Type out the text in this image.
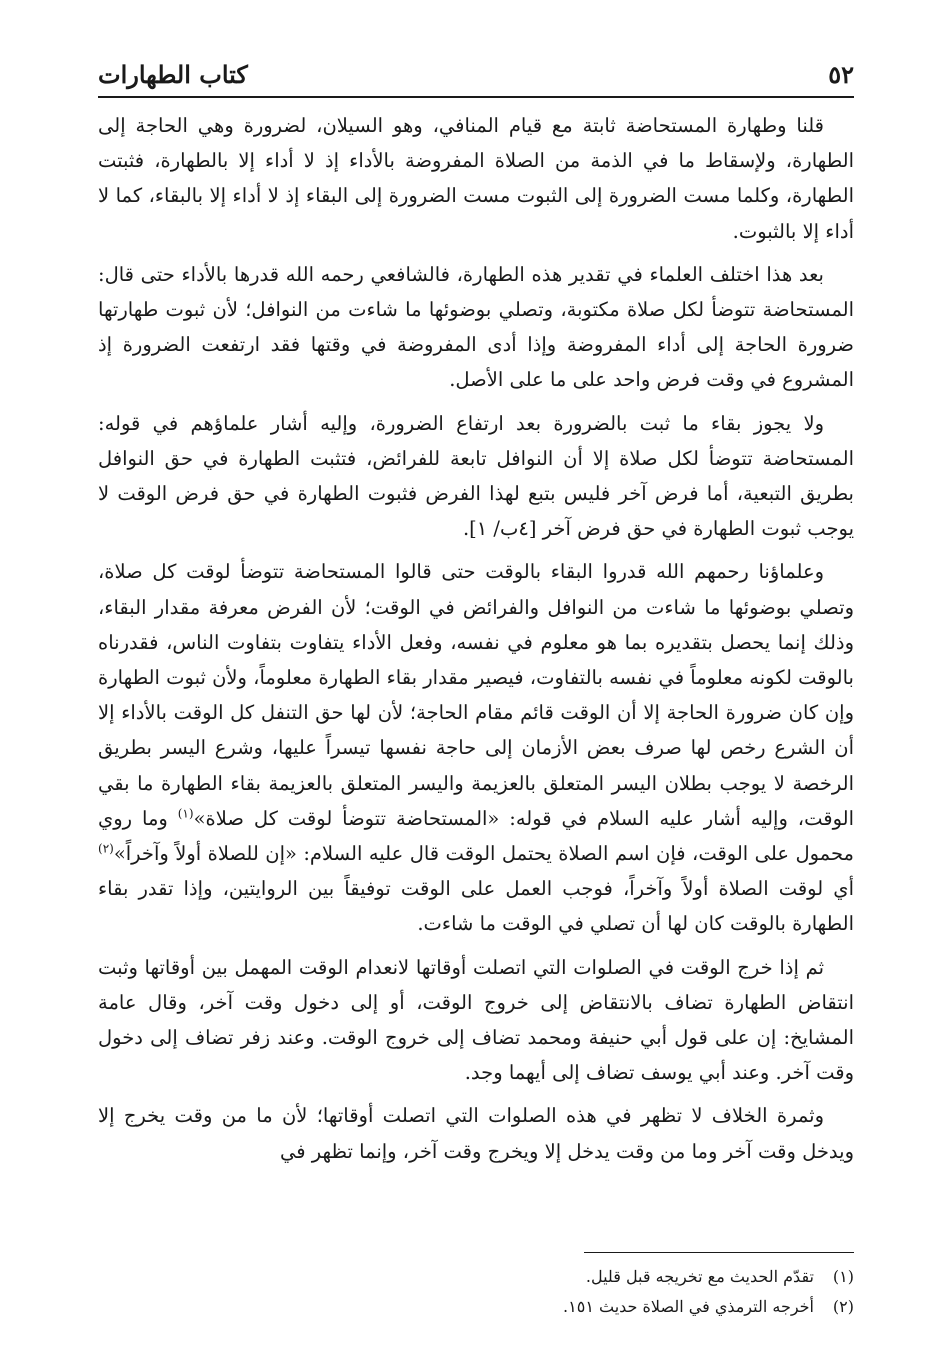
٥٢
كتاب الطهارات

قلنا وطهارة المستحاضة ثابتة مع قيام المنافي، وهو السيلان، لضرورة وهي الحاجة إلى الطهارة، ولإسقاط ما في الذمة من الصلاة المفروضة بالأداء إذ لا أداء إلا بالطهارة، فثبتت الطهارة، وكلما مست الضرورة إلى الثبوت مست الضرورة إلى البقاء إذ لا أداء إلا بالبقاء، كما لا أداء إلا بالثبوت.

بعد هذا اختلف العلماء في تقدير هذه الطهارة، فالشافعي رحمه الله قدرها بالأداء حتى قال: المستحاضة تتوضأ لكل صلاة مكتوبة، وتصلي بوضوئها ما شاءت من النوافل؛ لأن ثبوت طهارتها ضرورة الحاجة إلى أداء المفروضة وإذا أدى المفروضة في وقتها فقد ارتفعت الضرورة إذ المشروع في وقت فرض واحد على ما على الأصل.

ولا يجوز بقاء ما ثبت بالضرورة بعد ارتفاع الضرورة، وإليه أشار علماؤهم في قوله: المستحاضة تتوضأ لكل صلاة إلا أن النوافل تابعة للفرائض، فتثبت الطهارة في حق النوافل بطريق التبعية، أما فرض آخر فليس بتبع لهذا الفرض فثبوت الطهارة في حق فرض الوقت لا يوجب ثبوت الطهارة في حق فرض آخر [٤ب/ ١].

وعلماؤنا رحمهم الله قدروا البقاء بالوقت حتى قالوا المستحاضة تتوضأ لوقت كل صلاة، وتصلي بوضوئها ما شاءت من النوافل والفرائض في الوقت؛ لأن الفرض معرفة مقدار البقاء، وذلك إنما يحصل بتقديره بما هو معلوم في نفسه، وفعل الأداء يتفاوت بتفاوت الناس، فقدرناه بالوقت لكونه معلوماً في نفسه بالتفاوت، فيصير مقدار بقاء الطهارة معلوماً، ولأن ثبوت الطهارة وإن كان ضرورة الحاجة إلا أن الوقت قائم مقام الحاجة؛ لأن لها حق التنفل كل الوقت بالأداء إلا أن الشرع رخص لها صرف بعض الأزمان إلى حاجة نفسها تيسراً عليها، وشرع اليسر بطريق الرخصة لا يوجب بطلان اليسر المتعلق بالعزيمة واليسر المتعلق بالعزيمة بقاء الطهارة ما بقي الوقت، وإليه أشار عليه السلام في قوله: «المستحاضة تتوضأ لوقت كل صلاة»$^{(١)}$ وما روي محمول على الوقت، فإن اسم الصلاة يحتمل الوقت قال عليه السلام: «إن للصلاة أولاً وآخراً»$^{(٢)}$ أي لوقت الصلاة أولاً وآخراً، فوجب العمل على الوقت توفيقاً بين الروايتين، وإذا تقدر بقاء الطهارة بالوقت كان لها أن تصلي في الوقت ما شاءت.

ثم إذا خرج الوقت في الصلوات التي اتصلت أوقاتها لانعدام الوقت المهمل بين أوقاتها وثبت انتقاض الطهارة تضاف بالانتقاض إلى خروج الوقت، أو إلى دخول وقت آخر، وقال عامة المشايخ: إن على قول أبي حنيفة ومحمد تضاف إلى خروج الوقت. وعند زفر تضاف إلى دخول وقت آخر. وعند أبي يوسف تضاف إلى أيهما وجد.

وثمرة الخلاف لا تظهر في هذه الصلوات التي اتصلت أوقاتها؛ لأن ما من وقت يخرج إلا ويدخل وقت آخر وما من وقت يدخل إلا ويخرج وقت آخر، وإنما تظهر في

(١)
تقدّم الحديث مع تخريجه قبل قليل.
(٢)
أخرجه الترمذي في الصلاة حديث ١٥١.
